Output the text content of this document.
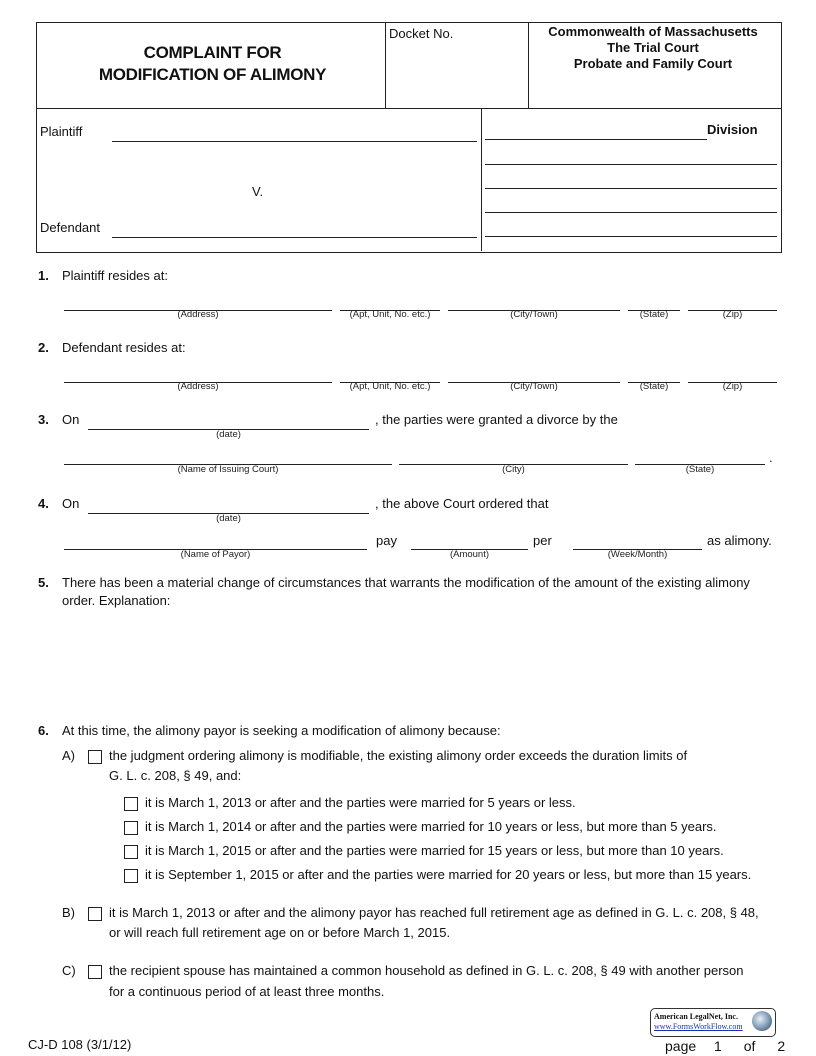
COMPLAINT FOR
MODIFICATION OF ALIMONY
Docket No.	Commonwealth of Massachusetts
The Trial Court
Probate and Family Court
Plaintiff
V.
Defendant
Division
1. Plaintiff resides at:
(Address)	(Apt, Unit, No. etc.)	(City/Town)	(State)	(Zip)
2. Defendant resides at:
(Address)	(Apt, Unit, No. etc.)	(City/Town)	(State)	(Zip)
3. On
(date)
, the parties were granted a divorce by the
.
(Name of Issuing Court)	(City)	(State)
4. On
(date)
, the above Court ordered that
(Name of Payor)
pay
(Amount)
per
(Week/Month)
as alimony.
5. There has been a material change of circumstances that warrants the modification of the amount of the existing alimony
order. Explanation:
6. At this time, the alimony payor is seeking a modification of alimony because:
A)	the judgment ordering alimony is modifiable, the existing alimony order exceeds the duration limits of
G. L. c. 208, § 49, and:
it is March 1, 2013 or after and the parties were married for 5 years or less.
it is March 1, 2014 or after and the parties were married for 10 years or less, but more than 5 years.
it is March 1, 2015 or after and the parties were married for 15 years or less, but more than 10 years.
it is September 1, 2015 or after and the parties were married for 20 years or less, but more than 15 years.
B)	it is March 1, 2013 or after and the alimony payor has reached full retirement age as defined in G. L. c. 208, § 48,
or will reach full retirement age on or before March 1, 2015.
C)	the recipient spouse has maintained a common household as defined in G. L. c. 208, § 49 with another person
for a continuous period of at least three months.
CJ-D 108 (3/1/12)
American LegalNet, Inc.
www.FormsWorkFlow.com
page 1 of 2
